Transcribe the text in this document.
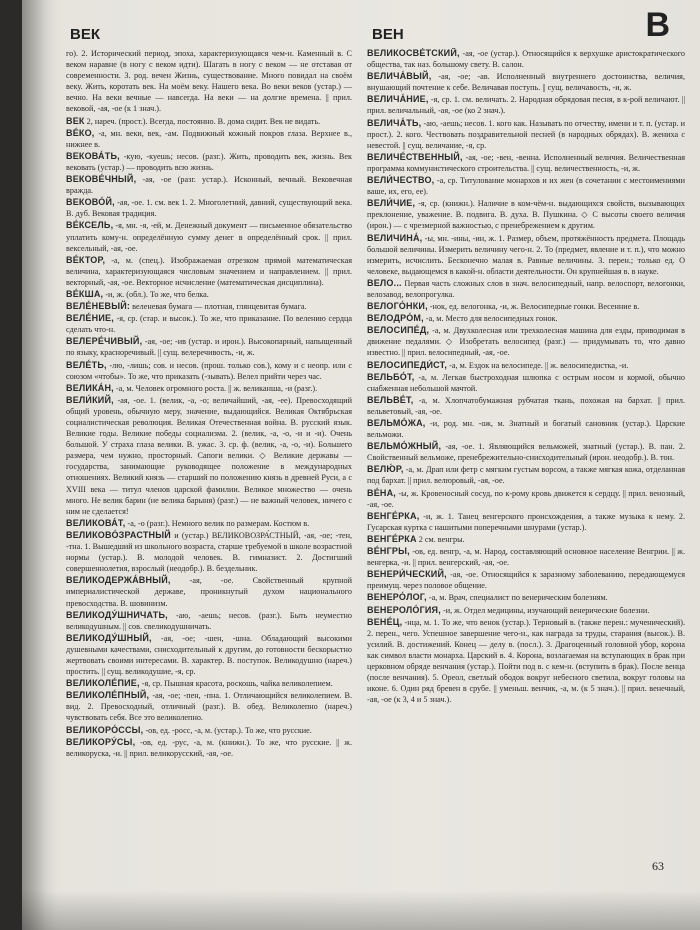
ВЕК	ВЕН	В

го). 2. Исторический период, эпоха, характеризующаяся чем-н. Каменный в. С веком наравне (в ногу с веком идти). Шагать в ногу с веком — не отставая от современности. 3. род. вечен Жизнь, существование. Много повидал на своём веку. Жить, коротать век. На моём веку. Нашего века. Во веки веков (устар.) — вечно. На веки вечные — навсегда. На веки — на долгие времена. || прил. вековой, -ая, -ое (к 1 знач.).

ВЕК 2, нареч. (прост.). Всегда, постоянно. В. дома сидит. Век не видать.

ВЕ́КО, -а, мн. веки, век, -ам. Подвижный кожный покров глаза. Верхнее в., нижнее в.

ВЕКОВА́ТЬ, -кую, -куешь; несов. (разг.). Жить, проводить век, жизнь. Век вековать (устар.) — проводить всю жизнь.

ВЕКОВЕ́ЧНЫЙ, -ая, -ое (разг. устар.). Исконный, вечный. Вековечная вражда.

ВЕКОВО́Й, -ая, -ое. 1. см. век 1. 2. Многолетний, давний, существующий века. В. дуб. Вековая традиция.

ВЕ́КСЕЛЬ, -я, мн. -я, -ей, м. Денежный документ — письменное обязательство уплатить кому-н. определённую сумму денег в определённый срок. || прил. вексельный, -ая, -ое.

ВЕ́КТОР, -а, м. (спец.). Изображаемая отрезком прямой математическая величина, характеризующаяся числовым значением и направлением. || прил. векторный, -ая, -ое. Векторное исчисление (математическая дисциплина).

ВЕ́КША, -и, ж. (обл.). То же, что белка.

ВЕЛЕ́НЕВЫЙ: веленевая бумага — плотная, глянцевитая бумага.

ВЕЛЕ́НИЕ, -я, ср. (стар. и высок.). То же, что приказание. По велению сердца сделать что-н.

ВЕЛЕРЕ́ЧИВЫЙ, -ая, -ое; -ив (устар. и ирон.). Высокопарный, напыщенный по языку, красноречивый. || сущ. велеречивость, -и, ж.

ВЕЛЕ́ТЬ, -лю, -лишь; сов. и несов. (прош. только сов.), кому и с неопр. или с союзом «чтобы». То же, что приказать (-зывать). Велел прийти через час.

ВЕЛИКА́Н, -а, м. Человек огромного роста. || ж. великанша, -и (разг.).

ВЕЛИ́КИЙ, -ая, -ое. 1. (велик, -а, -о; величайший, -ая, -ее). Превосходящий общий уровень, обычную меру, значение, выдающийся. Великая Октябрьская социалистическая революция. Великая Отечественная война. В. русский язык. Великие годы. Великие победы социализма. 2. (велик, -а, -о, -и и -и). Очень большой. У страха глаза велики. В. ужас. 3. ср. ф. (велик, -а, -о, -и). Большего размера, чем нужно, просторный. Сапоги велики. ◇ Великие державы — государства, занимающие руководящее положение в международных отношениях. Великий князь — старший по положению князь в древней Руси, а с XVIII века — титул членов царской фамилии. Великое множество — очень много. Не велик барин (не велика барыня) (разг.) — не важный человек, ничего с ним не сделается!

ВЕЛИКОВА́Т, -а, -о (разг.). Немного велик по размерам. Костюм в.

ВЕЛИКОВО́ЗРАСТНЫЙ и (устар.) ВЕЛИКОВОЗРА́СТНЫЙ, -ая, -ое; -тен, -тна. 1. Вышедший из школьного возраста, старше требуемой в школе возрастной нормы (устар.). В. молодой человек. В. гимназист. 2. Достигший совершеннолетия, взрослый (неодобр.). В. бездельник.

ВЕЛИКОДЕРЖА́ВНЫЙ, -ая, -ое. Свойственный крупной империалистической державе, проникнутый духом национального превосходства. В. шовинизм.

ВЕЛИКОДУ́ШНИЧАТЬ, -аю, -аешь; несов. (разг.). Быть неуместно великодушным. || сов. свеликодушничать.

ВЕЛИКОДУ́ШНЫЙ, -ая, -ое; -шен, -шна. Обладающий высокими душевными качествами, снисходительный к другим, до готовности бескорыстно жертвовать своими интересами. В. характер. В. поступок. Великодушно (нареч.) простить. || сущ. великодушие, -я, ср.

ВЕЛИКОЛЕ́ПИЕ, -я, ср. Пышная красота, роскошь, чайка великолепием.

ВЕЛИКОЛЕ́ПНЫЙ, -ая, -ое; -пен, -пна. 1. Отличающийся великолепием. В. вид. 2. Превосходный, отличный (разг.). В. обед. Великолепно (нареч.) чувствовать себя. Все это великолепно.

ВЕЛИКОРО́ССЫ, -ов, ед. -росс, -а, м. (устар.). То же, что русские.

ВЕЛИКОРУ́СЫ, -ов, ед. -рус, -а, м. (книжн.). То же, что русские. || ж. великоруска, -и. || прил. великорусский, -ая, -ое.

ВЕЛИКОСВЕ́ТСКИЙ, -ая, -ое (устар.). Относящийся к верхушке аристократического общества, так наз. большому свету. В. салон.

ВЕЛИЧА́ВЫЙ, -ая, -ое; -ав. Исполненный внутреннего достоинства, величия, внушающий почтение к себе. Величавая поступь. || сущ. величавость, -и, ж.

ВЕЛИЧА́НИЕ, -я, ср. 1. см. величать. 2. Народная обрядовая песня, в к-рой величают. || прил. величальный, -ая, -ое (ко 2 знач.).

ВЕЛИЧА́ТЬ, -аю, -аешь; несов. 1. кого как. Называть по отчеству, имени и т. п. (устар. и прост.). 2. кого. Чествовать поздравительной песней (в народных обрядах). В. жениха с невестой. || сущ. величание, -я, ср.

ВЕЛИЧЕ́СТВЕННЫЙ, -ая, -ое; -вен, -венна. Исполненный величия. Величественная программа коммунистического строительства. || сущ. величественность, -и, ж.

ВЕЛИ́ЧЕСТВО, -а, ср. Титулование монархов и их жен (в сочетании с местоимениями ваше, их, его, ее).

ВЕЛИ́ЧИЕ, -я, ср. (книжн.). Наличие в ком-чём-н. выдающихся свойств, вызывающих преклонение, уважение. В. подвига. В. духа. В. Пушкина. ◇ С высоты своего величия (ирон.) — с чрезмерной важностью, с пренебрежением к другим.

ВЕЛИЧИНА́, -ы, мн. -ины, -ин, ж. 1. Размер, объем, протяжённость предмета. Площадь большой величины. Измерить величину чего-н. 2. То (предмет, явление и т. п.), что можно измерить, исчислить. Бесконечно малая в. Равные величины. 3. перен.; только ед. О человеке, выдающемся в какой-н. области деятельности. Он крупнейшая в. в науке.

ВЕЛО... Первая часть сложных слов в знач. велосипедный, напр. велоспорт, велогонки, велозавод, велопрогулка.

ВЕЛОГО́НКИ, -нок, ед. велогонка, -и, ж. Велосипедные гонки. Весенние в.

ВЕЛОДРО́М, -а, м. Место для велосипедных гонок.

ВЕЛОСИПЕ́Д, -а, м. Двухколесная или трехколесная машина для езды, приводимая в движение педалями. ◇ Изобретать велосипед (разг.) — придумывать то, что давно известно. || прил. велосипедный, -ая, -ое.

ВЕЛОСИПЕДИ́СТ, -а, м. Ездок на велосипеде. || ж. велосипедистка, -и.

ВЕЛЬБО́Т, -а, м. Легкая быстроходная шлюпка с острым носом и кормой, обычно снабженная небольшой мачтой.

ВЕЛЬВЕ́Т, -а, м. Хлопчатобумажная рубчатая ткань, похожая на бархат. || прил. вельветовый, -ая, -ое.

ВЕЛЬМО́ЖА, -и, род. мн. -ож, м. Знатный и богатый сановник (устар.). Царские вельможи.

ВЕЛЬМО́ЖНЫЙ, -ая, -ое. 1. Являющийся вельможей, знатный (устар.). В. пан. 2. Свойственный вельможе, пренебрежительно-снисходительный (ирон. неодобр.). В. тон.

ВЕЛЮ́Р, -а, м. Драп или фетр с мягким густым ворсом, а также мягкая кожа, отделанная под бархат. || прил. велюровый, -ая, -ое.

ВЕ́НА, -ы, ж. Кровеносный сосуд, по к-рому кровь движется к сердцу. || прил. венозный, -ая, -ое.

ВЕНГЕ́РКА, -и, ж. 1. Танец венгерского происхождения, а также музыка к нему. 2. Гусарская куртка с нашитыми поперечными шнурами (устар.).

ВЕНГЕ́РКА 2 см. венгры.

ВЕ́НГРЫ, -ов, ед. венгр, -а, м. Народ, составляющий основное население Венгрии. || ж. венгерка, -и. || прил. венгерский, -ая, -ое.

ВЕНЕРИ́ЧЕСКИЙ, -ая, -ое. Относящийся к заразному заболеванию, передающемуся преимущ. через половое общение.

ВЕНЕРО́ЛОГ, -а, м. Врач, специалист по венерическим болезням.

ВЕНЕРОЛО́ГИЯ, -и, ж. Отдел медицины, изучающий венерические болезни.

ВЕНЕ́Ц, -нца, м. 1. То же, что венок (устар.). Терновый в. (также перен.: мученический). 2. перен., чего. Успешное завершение чего-н., как награда за труды, старания (высок.). В. усилий. В. достижений. Конец — делу в. (посл.). 3. Драгоценный головной убор, корона как символ власти монарха. Царский в. 4. Корона, возлагаемая на вступающих в брак при церковном обряде венчания (устар.). Пойти под в. с кем-н. (вступить в брак). После венца (после венчания). 5. Ореол, светлый ободок вокруг небесного светила, вокруг головы на иконе. 6. Один ряд бревен в срубе. || уменьш. венчик, -а, м. (к 5 знач.). || прил. венечный, -ая, -ое (к 3, 4 и 5 знач.).

63
